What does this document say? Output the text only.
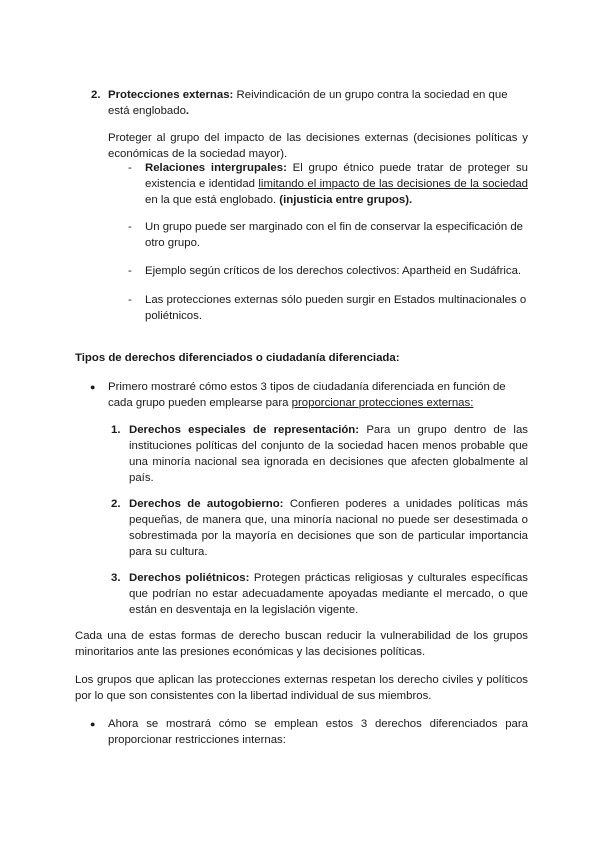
2. Protecciones externas: Reivindicación de un grupo contra la sociedad en que está englobado.

Proteger al grupo del impacto de las decisiones externas (decisiones políticas y económicas de la sociedad mayor).

- Relaciones intergrupales: El grupo étnico puede tratar de proteger su existencia e identidad limitando el impacto de las decisiones de la sociedad en la que está englobado. (injusticia entre grupos).

- Un grupo puede ser marginado con el fin de conservar la especificación de otro grupo.

- Ejemplo según críticos de los derechos colectivos: Apartheid en Sudáfrica.

- Las protecciones externas sólo pueden surgir en Estados multinacionales o poliétnicos.

Tipos de derechos diferenciados o ciudadanía diferenciada:

● Primero mostraré cómo estos 3 tipos de ciudadanía diferenciada en función de cada grupo pueden emplearse para proporcionar protecciones externas:

1. Derechos especiales de representación: Para un grupo dentro de las instituciones políticas del conjunto de la sociedad hacen menos probable que una minoría nacional sea ignorada en decisiones que afecten globalmente al país.

2. Derechos de autogobierno: Confieren poderes a unidades políticas más pequeñas, de manera que, una minoría nacional no puede ser desestimada o sobrestimada por la mayoría en decisiones que son de particular importancia para su cultura.

3. Derechos poliétnicos: Protegen prácticas religiosas y culturales específicas que podrían no estar adecuadamente apoyadas mediante el mercado, o que están en desventaja en la legislación vigente.

Cada una de estas formas de derecho buscan reducir la vulnerabilidad de los grupos minoritarios ante las presiones económicas y las decisiones políticas.

Los grupos que aplican las protecciones externas respetan los derecho civiles y políticos por lo que son consistentes con la libertad individual de sus miembros.

● Ahora se mostrará cómo se emplean estos 3 derechos diferenciados para proporcionar restricciones internas:
